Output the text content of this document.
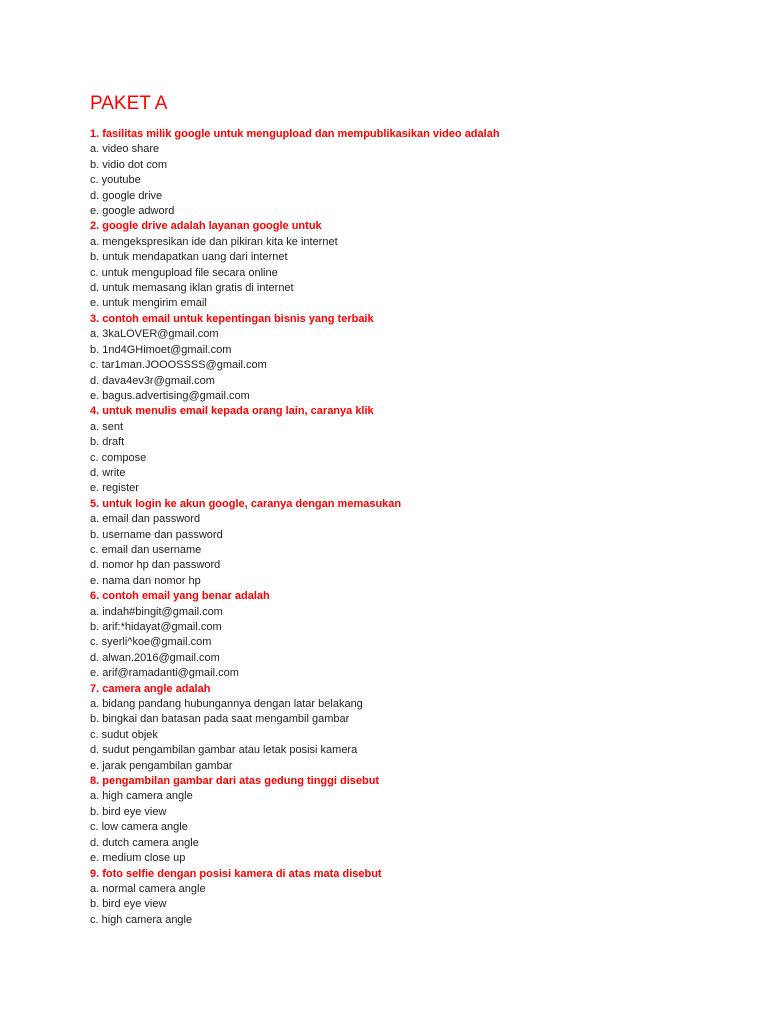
PAKET A
1. fasilitas milik google untuk mengupload dan mempublikasikan video adalah
a. video share
b. vidio dot com
c. youtube
d. google drive
e. google adword
2. google drive adalah layanan google untuk
a. mengekspresikan ide dan pikiran kita ke internet
b. untuk mendapatkan uang dari internet
c. untuk mengupload file secara online
d. untuk memasang iklan gratis di internet
e. untuk mengirim email
3. contoh email untuk kepentingan bisnis yang terbaik
a. 3kaLOVER@gmail.com
b. 1nd4GHimoet@gmail.com
c. tar1man.JOOOSSSS@gmail.com
d. dava4ev3r@gmail.com
e. bagus.advertising@gmail.com
4. untuk menulis email kepada orang lain, caranya klik
a. sent
b. draft
c. compose
d. write
e. register
5. untuk login ke akun google, caranya dengan memasukan
a. email dan password
b. username dan password
c. email dan username
d. nomor hp dan password
e. nama dan nomor hp
6. contoh email yang benar adalah
a. indah#bingit@gmail.com
b. arif:*hidayat@gmail.com
c. syerli^koe@gmail.com
d. alwan.2016@gmail.com
e. arif@ramadanti@gmail.com
7. camera angle adalah
a. bidang pandang hubungannya dengan latar belakang
b. bingkai dan batasan pada saat mengambil gambar
c. sudut objek
d. sudut pengambilan gambar atau letak posisi kamera
e. jarak pengambilan gambar
8. pengambilan gambar dari atas gedung tinggi disebut
a. high camera angle
b. bird eye view
c. low camera angle
d. dutch camera angle
e. medium close up
9. foto selfie dengan posisi kamera di atas mata disebut
a. normal camera angle
b. bird eye view
c. high camera angle
